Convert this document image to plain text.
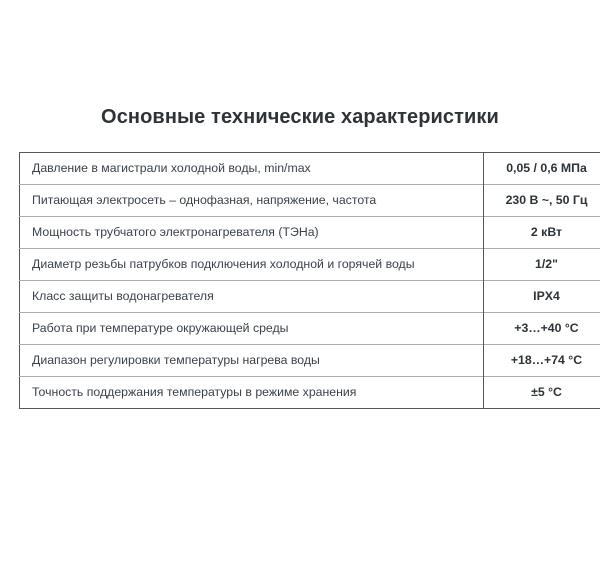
Основные технические характеристики
Давление в магистрали холодной воды, min/max	0,05 / 0,6 МПа
Питающая электросеть – однофазная, напряжение, частота	230 В ~, 50 Гц
Мощность трубчатого электронагревателя (ТЭНа)	2 кВт
Диаметр резьбы патрубков подключения холодной и горячей воды	1/2"
Класс защиты водонагревателя	IPX4
Работа при температуре окружающей среды	+3…+40 °C
Диапазон регулировки температуры нагрева воды	+18…+74 °C
Точность поддержания температуры в режиме хранения	±5 °C
